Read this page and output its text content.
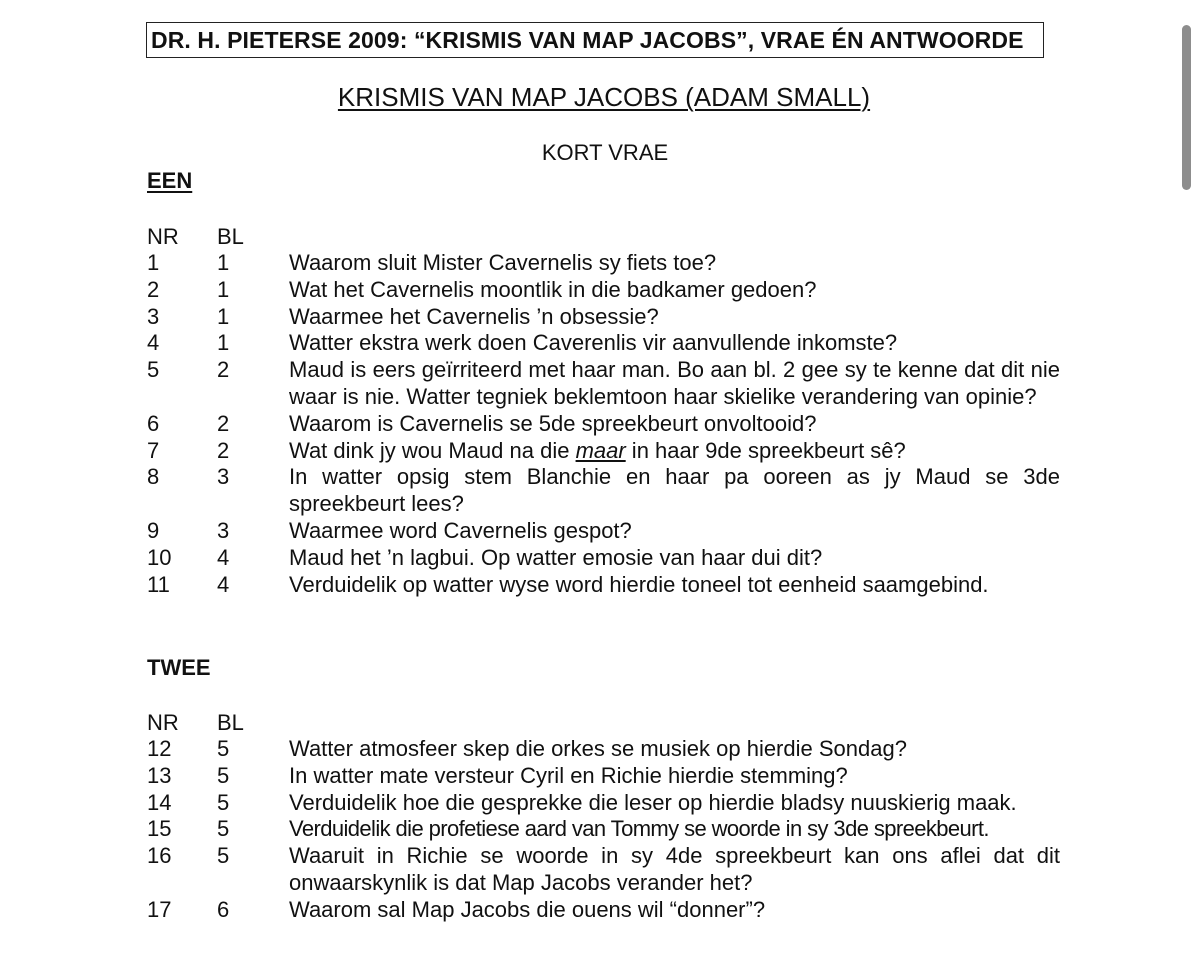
DR. H. PIETERSE 2009: “KRISMIS VAN MAP JACOBS”, VRAE ÉN ANTWOORDE
KRISMIS VAN MAP JACOBS (ADAM SMALL)
KORT VRAE
EEN
NR BL
1	1	Waarom sluit Mister Cavernelis sy fiets toe?
2	1	Wat het Cavernelis moontlik in die badkamer gedoen?
3	1	Waarmee het Cavernelis ’n obsessie?
4	1	Watter ekstra werk doen Caverenlis vir aanvullende inkomste?
5	2	Maud is eers geïrriteerd met haar man. Bo aan bl. 2 gee sy te kenne dat dit nie waar is nie. Watter tegniek beklemtoon haar skielike verandering van opinie?
6	2	Waarom is Cavernelis se 5de spreekbeurt onvoltooid?
7	2	Wat dink jy wou Maud na die maar in haar 9de spreekbeurt sê?
8	3	In watter opsig stem Blanchie en haar pa ooreen as jy Maud se 3de spreekbeurt lees?
9	3	Waarmee word Cavernelis gespot?
10 4	Maud het ’n lagbui. Op watter emosie van haar dui dit?
11 4	Verduidelik op watter wyse word hierdie toneel tot eenheid saamgebind.
TWEE
NR BL
12 5	Watter atmosfeer skep die orkes se musiek op hierdie Sondag?
13 5	In watter mate versteur Cyril en Richie hierdie stemming?
14 5	Verduidelik hoe die gesprekke die leser op hierdie bladsy nuuskierig maak.
15 5	Verduidelik die profetiese aard van Tommy se woorde in sy 3de spreekbeurt.
16 5	Waaruit in Richie se woorde in sy 4de spreekbeurt kan ons aflei dat dit onwaarskynlik is dat Map Jacobs verander het?
17 6	Waarom sal Map Jacobs die ouens wil “donner”?
